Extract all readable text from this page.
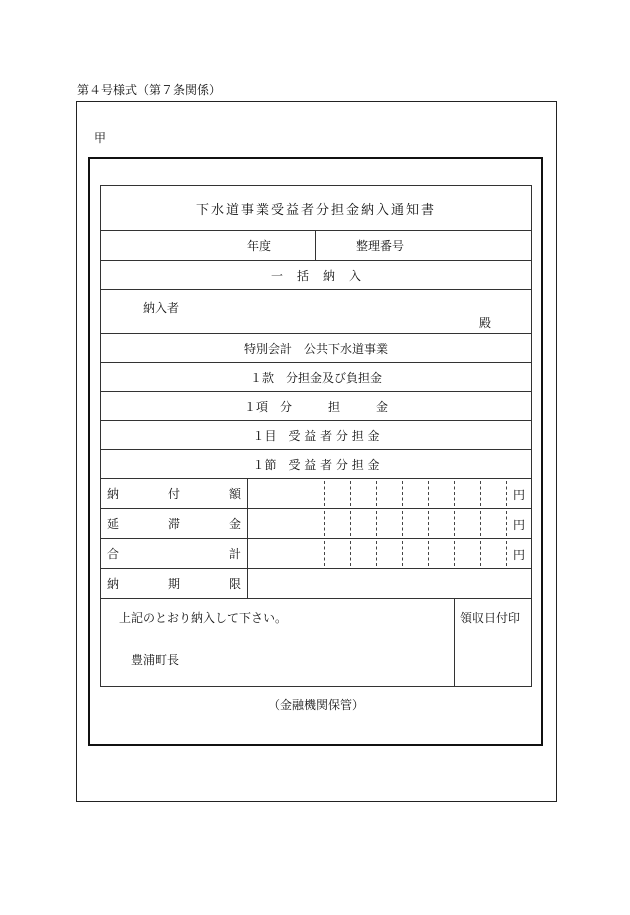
第４号様式（第７条関係）
甲
下水道事業受益者分担金納入通知書
年度	整理番号
一括納入
納入者
殿
特別会計　公共下水道事業
１款　分担金及び負担金
１項　分　　　担　　　金
１目　受 益 者 分 担 金
１節　受 益 者 分 担 金
納	付	額	円
延	滞	金	円
合	計	円
納	期	限
上記のとおり納入して下さい。
豊浦町長
領収日付印
（金融機関保管）
